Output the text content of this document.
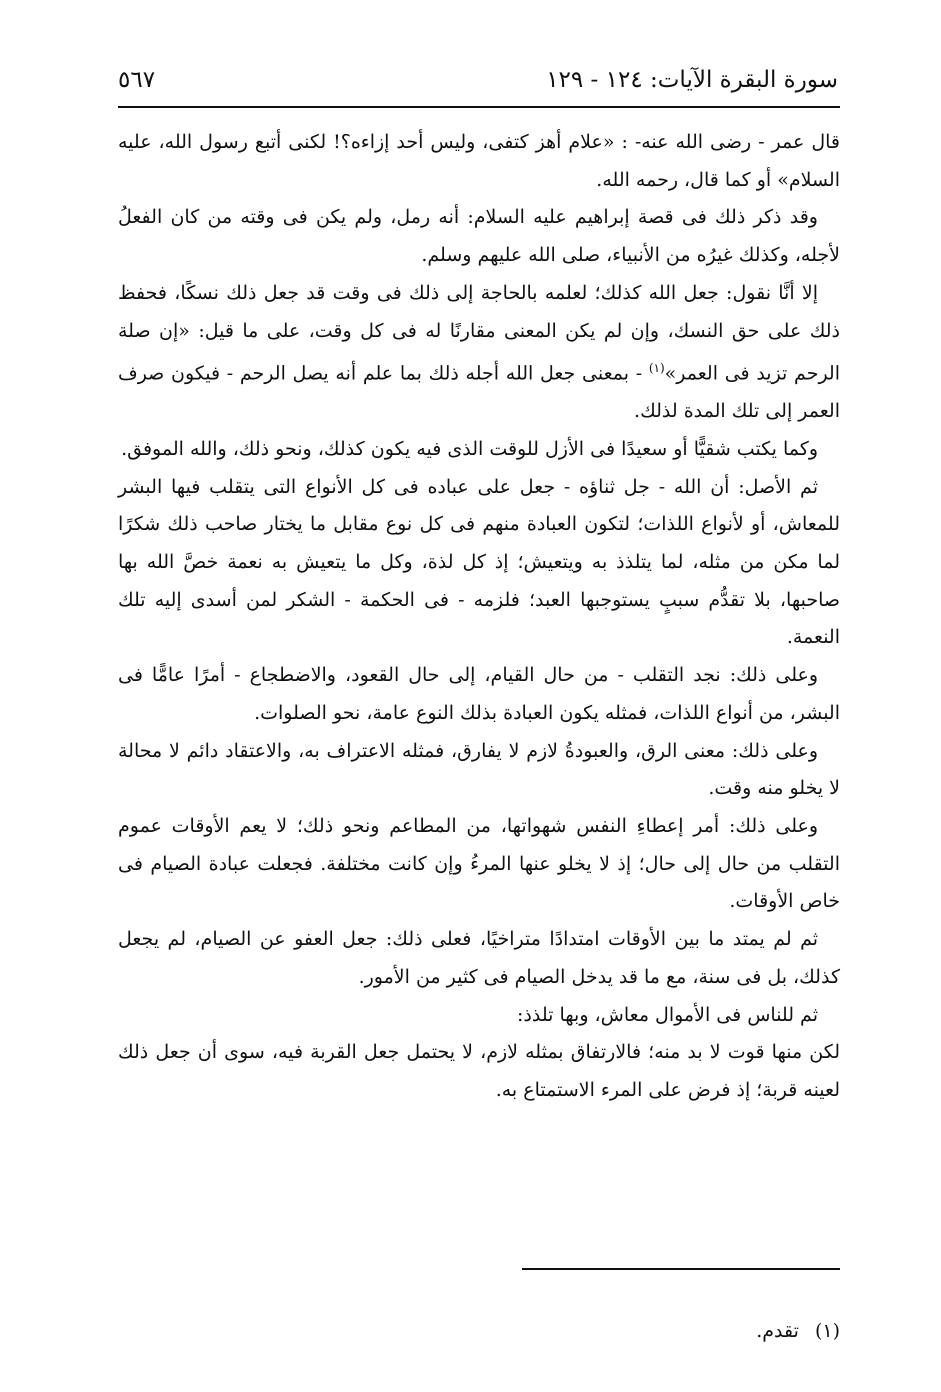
سورة البقرة الآيات: ١٢٤ - ١٢٩
٥٦٧

قال عمر - رضى الله عنه- : «علام أهز كتفى، وليس أحد إزاءه؟! لكنى أتبع رسول الله، عليه السلام» أو كما قال، رحمه الله.

وقد ذكر ذلك فى قصة إبراهيم عليه السلام: أنه رمل، ولم يكن فى وقته من كان الفعلُ لأجله، وكذلك غيرُه من الأنبياء، صلى الله عليهم وسلم.

إلا أنَّا نقول: جعل الله كذلك؛ لعلمه بالحاجة إلى ذلك فى وقت قد جعل ذلك نسكًا، فحفظ ذلك على حق النسك، وإن لم يكن المعنى مقارنًا له فى كل وقت، على ما قيل: «إن صلة الرحم تزيد فى العمر»$^{(١)}$ - بمعنى جعل الله أجله ذلك بما علم أنه يصل الرحم - فيكون صرف العمر إلى تلك المدة لذلك.

وكما يكتب شقيًّا أو سعيدًا فى الأزل للوقت الذى فيه يكون كذلك، ونحو ذلك، والله الموفق.

ثم الأصل: أن الله - جل ثناؤه - جعل على عباده فى كل الأنواع التى يتقلب فيها البشر للمعاش، أو لأنواع اللذات؛ لتكون العبادة منهم فى كل نوع مقابل ما يختار صاحب ذلك شكرًا لما مكن من مثله، لما يتلذذ به ويتعيش؛ إذ كل لذة، وكل ما يتعيش به نعمة خصَّ الله بها صاحبها، بلا تقدُّم سببٍ يستوجبها العبد؛ فلزمه - فى الحكمة - الشكر لمن أسدى إليه تلك النعمة.

وعلى ذلك: نجد التقلب - من حال القيام، إلى حال القعود، والاضطجاع - أمرًا عامًّا فى البشر، من أنواع اللذات، فمثله يكون العبادة بذلك النوع عامة، نحو الصلوات.

وعلى ذلك: معنى الرق، والعبودةُ لازم لا يفارق، فمثله الاعتراف به، والاعتقاد دائم لا محالة لا يخلو منه وقت.

وعلى ذلك: أمر إعطاءِ النفس شهواتها، من المطاعم ونحو ذلك؛ لا يعم الأوقات عموم التقلب من حال إلى حال؛ إذ لا يخلو عنها المرءُ وإن كانت مختلفة. فجعلت عبادة الصيام فى خاص الأوقات.

ثم لم يمتد ما بين الأوقات امتدادًا متراخيًا، فعلى ذلك: جعل العفو عن الصيام، لم يجعل كذلك، بل فى سنة، مع ما قد يدخل الصيام فى كثير من الأمور.

ثم للناس فى الأموال معاش، وبها تلذذ:

لكن منها قوت لا بد منه؛ فالارتفاق بمثله لازم، لا يحتمل جعل القربة فيه، سوى أن جعل ذلك لعينه قربة؛ إذ فرض على المرء الاستمتاع به.

(١) تقدم.
